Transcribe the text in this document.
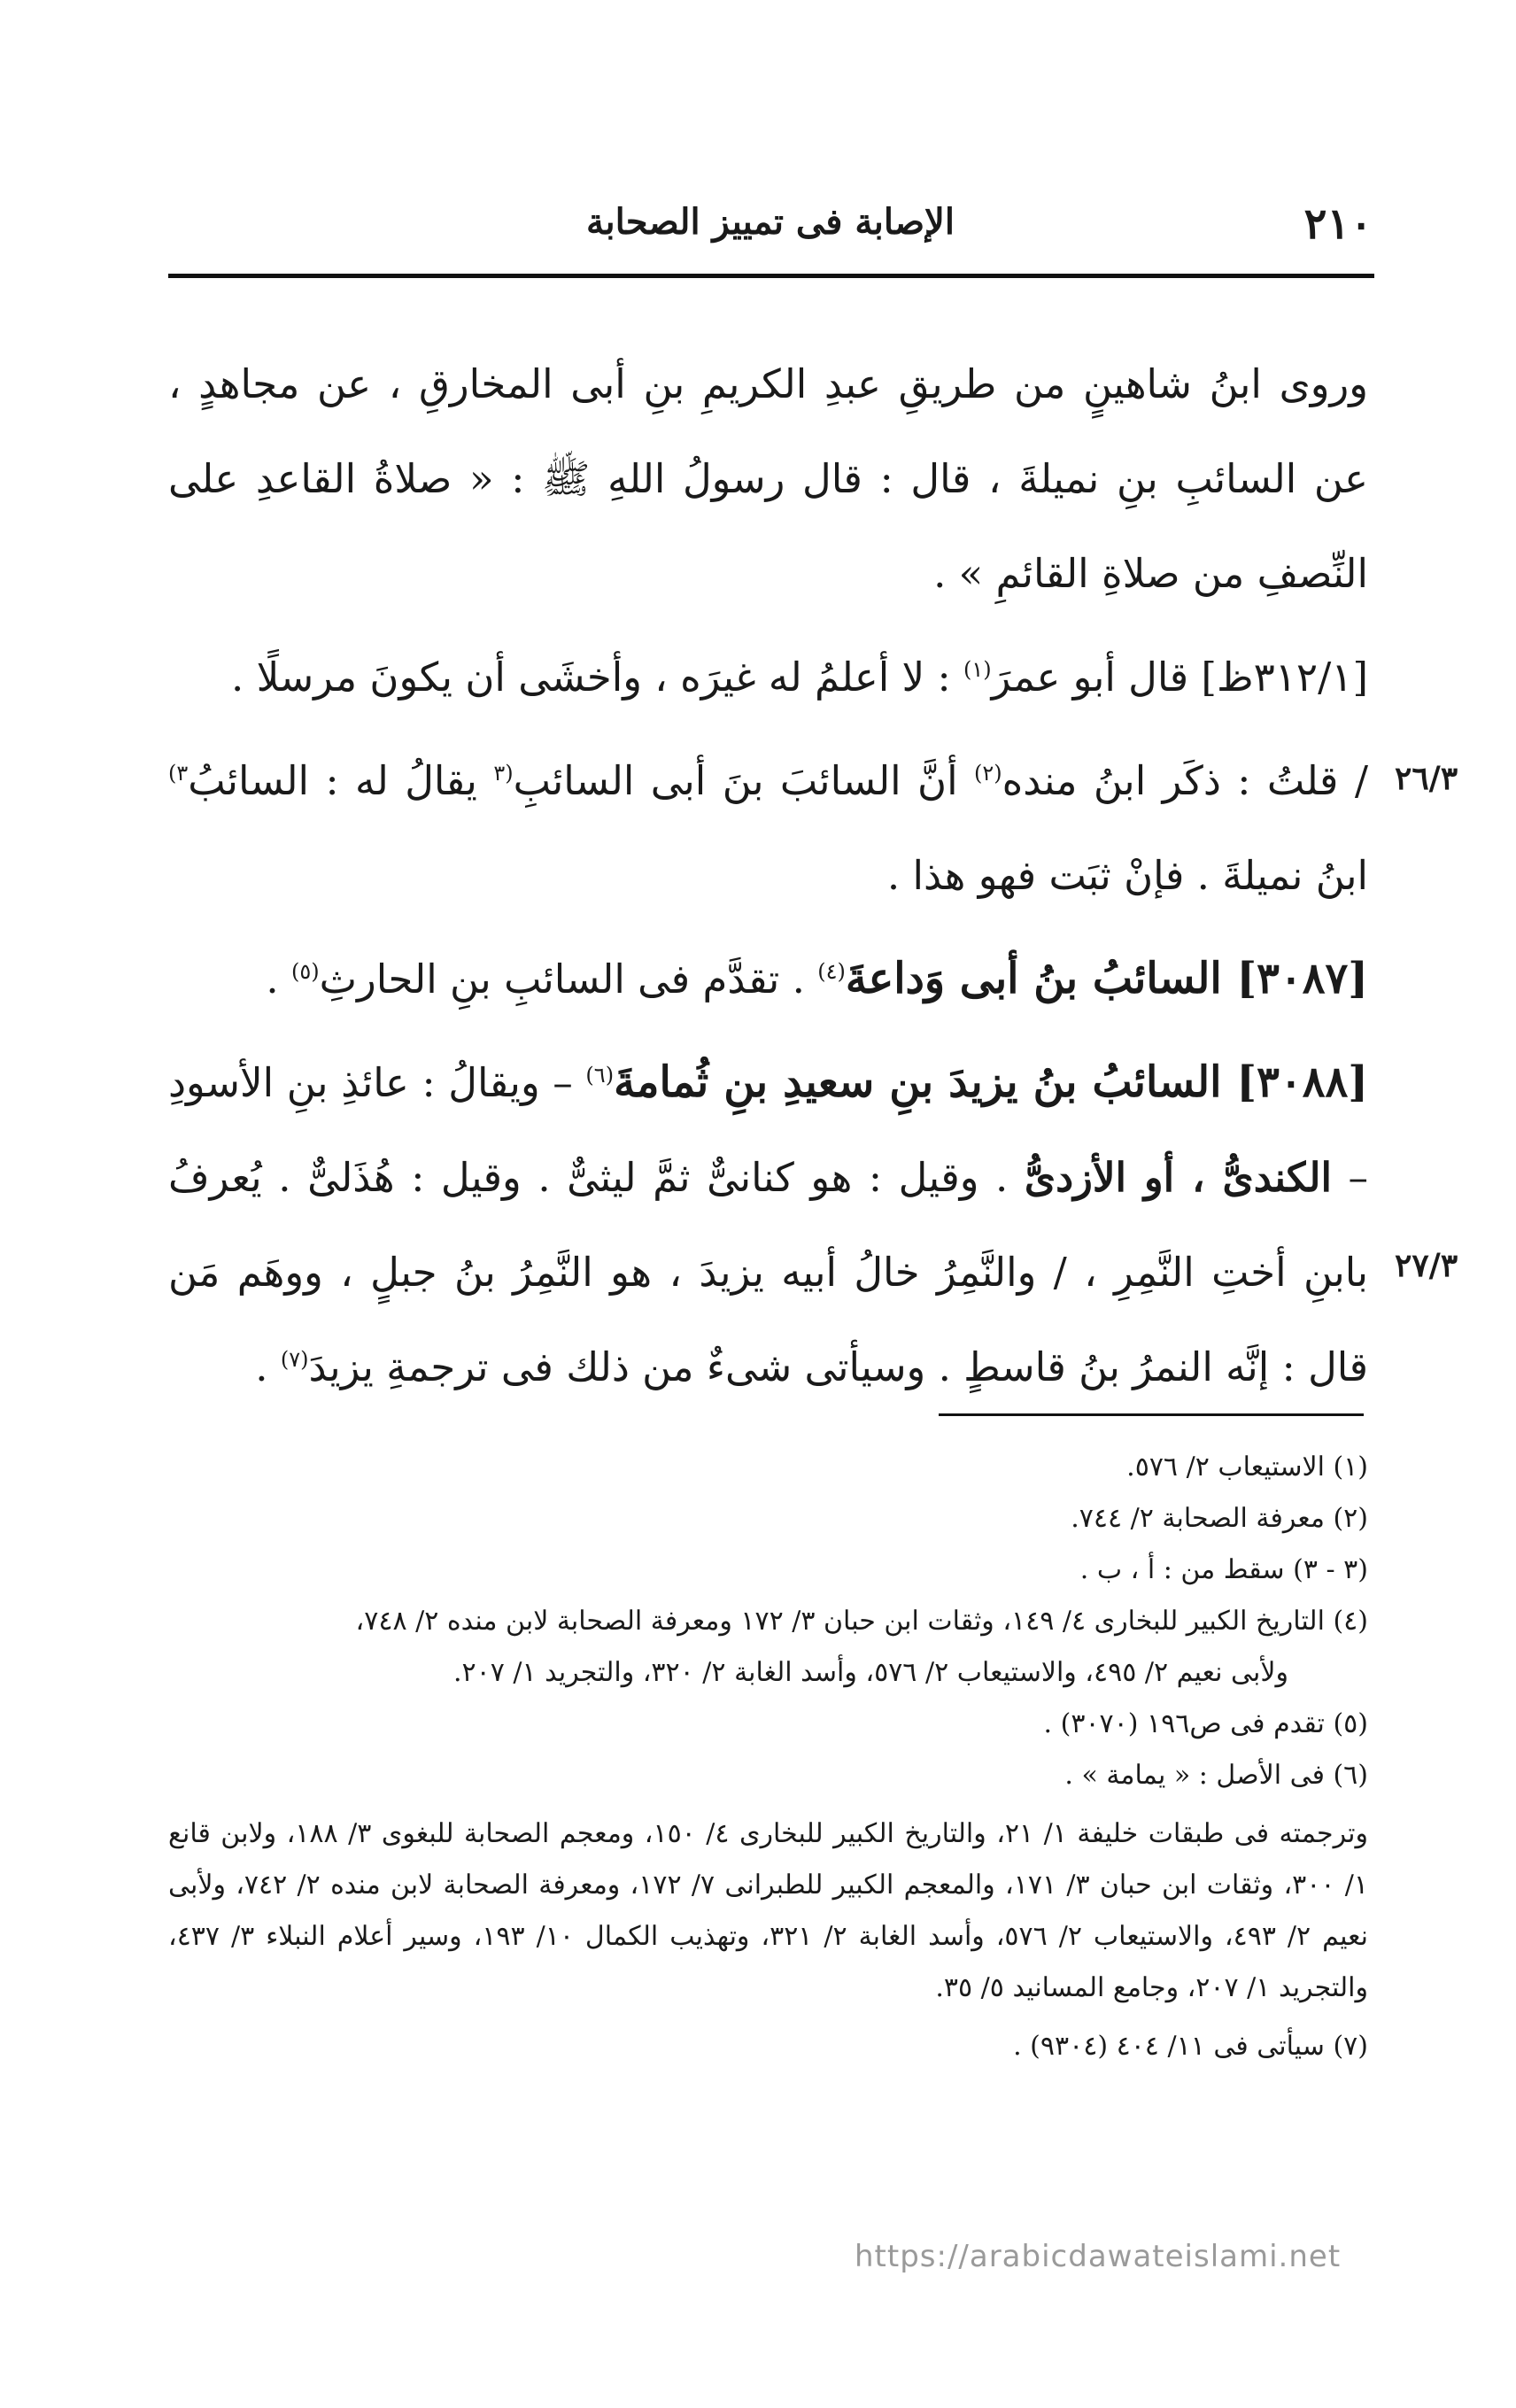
الإصابة فى تمييز الصحابة	٢١٠

وروى ابنُ شاهينٍ من طريقِ عبدِ الكريمِ بنِ أبى المخارقِ ، عن مجاهدٍ ، عن السائبِ بنِ نميلةَ ، قال : قال رسولُ اللهِ ﷺ : « صلاةُ القاعدِ على النِّصفِ من صلاةِ القائمِ » .

[٣١٢/١ظ] قال أبو عمرَ$^{(١)}$ : لا أعلمُ له غيرَه ، وأخشَى أن يكونَ مرسلًا .

/ قلتُ : ذكَر ابنُ منده$^{(٢)}$ أنَّ السائبَ بنَ أبى السائبِ$^{(٣}$ يقالُ له : السائبُ$^{٣)}$ ابنُ نميلةَ . فإنْ ثبَت فهو هذا .

[٣٠٨٧] السائبُ بنُ أبى وَداعةَ$^{(٤)}$ . تقدَّم فى السائبِ بنِ الحارثِ$^{(٥)}$ .

[٣٠٨٨] السائبُ بنُ يزيدَ بنِ سعيدِ بنِ ثُمامةَ$^{(٦)}$ – ويقالُ : عائذِ بنِ الأسودِ – الكندىُّ ، أو الأزدىُّ . وقيل : هو كنانىٌّ ثمَّ ليثىٌّ . وقيل : هُذَلىٌّ . يُعرفُ بابنِ أختِ النَّمِرِ ، / والنَّمِرُ خالُ أبيه يزيدَ ، هو النَّمِرُ بنُ جبلٍ ، ووهَم مَن قال : إنَّه النمرُ بنُ قاسطٍ . وسيأتى شىءٌ من ذلك فى ترجمةِ يزيدَ$^{(٧)}$ .

٢٦/٣
٢٧/٣

(١) الاستيعاب ٢/ ٥٧٦.

(٢) معرفة الصحابة ٢/ ٧٤٤.

(٣ - ٣) سقط من : أ ، ب .

(٤) التاريخ الكبير للبخارى ٤/ ١٤٩، وثقات ابن حبان ٣/ ١٧٢ ومعرفة الصحابة لابن منده ٢/ ٧٤٨،

ولأبى نعيم ٢/ ٤٩٥، والاستيعاب ٢/ ٥٧٦، وأسد الغابة ٢/ ٣٢٠، والتجريد ١/ ٢٠٧.

(٥) تقدم فى ص١٩٦ (٣٠٧٠) .

(٦) فى الأصل : « يمامة » .

وترجمته فى طبقات خليفة ١/ ٢١، والتاريخ الكبير للبخارى ٤/ ١٥٠، ومعجم الصحابة للبغوى ٣/ ١٨٨، ولابن قانع ١/ ٣٠٠، وثقات ابن حبان ٣/ ١٧١، والمعجم الكبير للطبرانى ٧/ ١٧٢، ومعرفة الصحابة لابن منده ٢/ ٧٤٢، ولأبى نعيم ٢/ ٤٩٣، والاستيعاب ٢/ ٥٧٦، وأسد الغابة ٢/ ٣٢١، وتهذيب الكمال ١٠/ ١٩٣، وسير أعلام النبلاء ٣/ ٤٣٧، والتجريد ١/ ٢٠٧، وجامع المسانيد ٥/ ٣٥.

(٧) سيأتى فى ١١/ ٤٠٤ (٩٣٠٤) .

https://arabicdawateislami.net
